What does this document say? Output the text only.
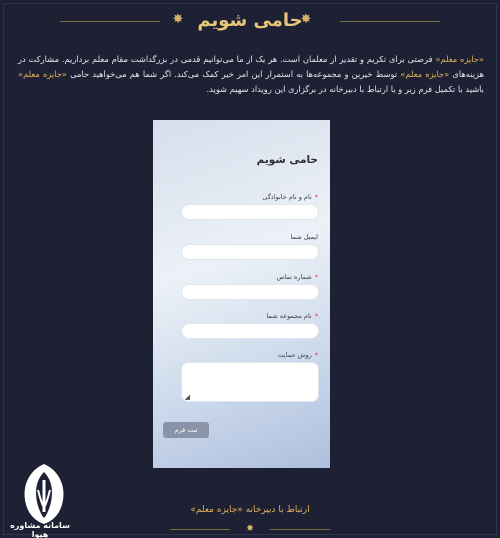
✸	✸
حامی شویم
«جایزه معلم» فرصتی برای تکریم و تقدیر از معلمان است. هر یک از ما می‌توانیم قدمی در بزرگداشت مقام معلم برداریم. مشارکت در هزینه‌های «جایزه معلم» توسط خیرین و مجموعه‌ها به استمرار این امر خیر کمک می‌کند. اگر شما هم می‌خواهید حامی «جایزه معلم» باشید با تکمیل فرم زیر و یا ارتباط با دبیرخانه در برگزاری این رویداد سهیم شوید.
حامی شویم
*نام و نام خانوادگی
ایمیل شما
*شماره تماس
*نام مجموعه شما
*روش حمایت
◢
ثبت فرم
سامانه مشاوره هپوا
ارتباط با دبیرخانه «جایزه معلم»
✸
